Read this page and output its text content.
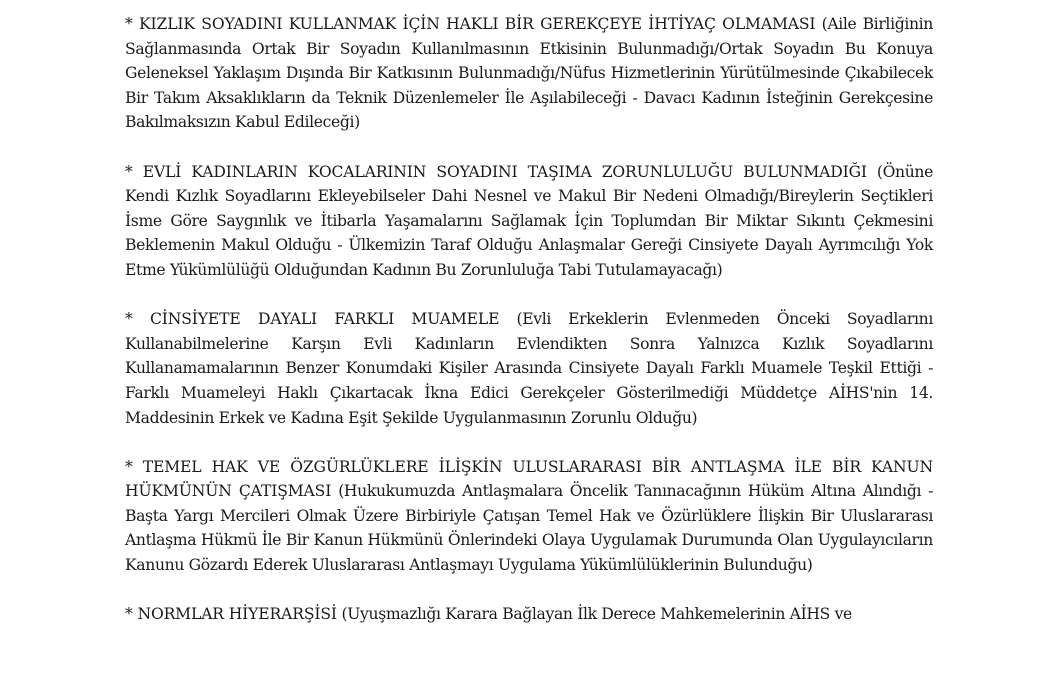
* KIZLIK SOYADINI KULLANMAK İÇİN HAKLI BİR GEREKÇEYE İHTİYAÇ OLMAMASI (Aile Birliğinin Sağlanmasında Ortak Bir Soyadın Kullanılmasının Etkisinin Bulunmadığı/Ortak Soyadın Bu Konuya Geleneksel Yaklaşım Dışında Bir Katkısının Bulunmadığı/Nüfus Hizmetlerinin Yürütülmesinde Çıkabilecek Bir Takım Aksaklıkların da Teknik Düzenlemeler İle Aşılabileceği - Davacı Kadının İsteğinin Gerekçesine Bakılmaksızın Kabul Edileceği)

* EVLİ KADINLARIN KOCALARININ SOYADINI TAŞIMA ZORUNLULUĞU BULUNMADIĞI (Önüne Kendi Kızlık Soyadlarını Ekleyebilseler Dahi Nesnel ve Makul Bir Nedeni Olmadığı/Bireylerin Seçtikleri İsme Göre Saygınlık ve İtibarla Yaşamalarını Sağlamak İçin Toplumdan Bir Miktar Sıkıntı Çekmesini Beklemenin Makul Olduğu - Ülkemizin Taraf Olduğu Anlaşmalar Gereği Cinsiyete Dayalı Ayrımcılığı Yok Etme Yükümlülüğü Olduğundan Kadının Bu Zorunluluğa Tabi Tutulamayacağı)

* CİNSİYETE DAYALI FARKLI MUAMELE (Evli Erkeklerin Evlenmeden Önceki Soyadlarını Kullanabilmelerine Karşın Evli Kadınların Evlendikten Sonra Yalnızca Kızlık Soyadlarını Kullanamamalarının Benzer Konumdaki Kişiler Arasında Cinsiyete Dayalı Farklı Muamele Teşkil Ettiği - Farklı Muameleyi Haklı Çıkartacak İkna Edici Gerekçeler Gösterilmediği Müddetçe AİHS'nin 14. Maddesinin Erkek ve Kadına Eşit Şekilde Uygulanmasının Zorunlu Olduğu)

* TEMEL HAK VE ÖZGÜRLÜKLERE İLİŞKİN ULUSLARARASI BİR ANTLAŞMA İLE BİR KANUN HÜKMÜNÜN ÇATIŞMASI (Hukukumuzda Antlaşmalara Öncelik Tanınacağının Hüküm Altına Alındığı - Başta Yargı Mercileri Olmak Üzere Birbiriyle Çatışan Temel Hak ve Özürlüklere İlişkin Bir Uluslararası Antlaşma Hükmü İle Bir Kanun Hükmünü Önlerindeki Olaya Uygulamak Durumunda Olan Uygulayıcıların Kanunu Gözardı Ederek Uluslararası Antlaşmayı Uygulama Yükümlülüklerinin Bulunduğu)

* NORMLAR HİYERARŞİSİ (Uyuşmazlığı Karara Bağlayan İlk Derece Mahkemelerinin AİHS ve
